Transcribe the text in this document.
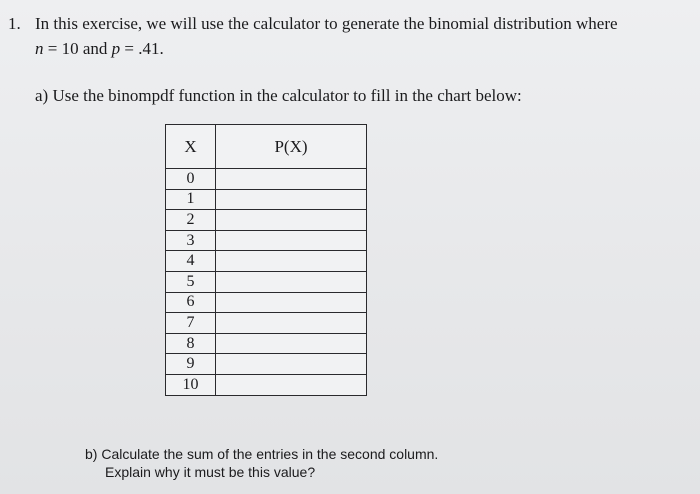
1. In this exercise, we will use the calculator to generate the binomial distribution where
n = 10 and p = .41.
a) Use the binompdf function in the calculator to fill in the chart below:
X	P(X)
0	
1	
2	
3	
4	
5	
6	
7	
8	
9	
10	
b) Calculate the sum of the entries in the second column.
Explain why it must be this value?
